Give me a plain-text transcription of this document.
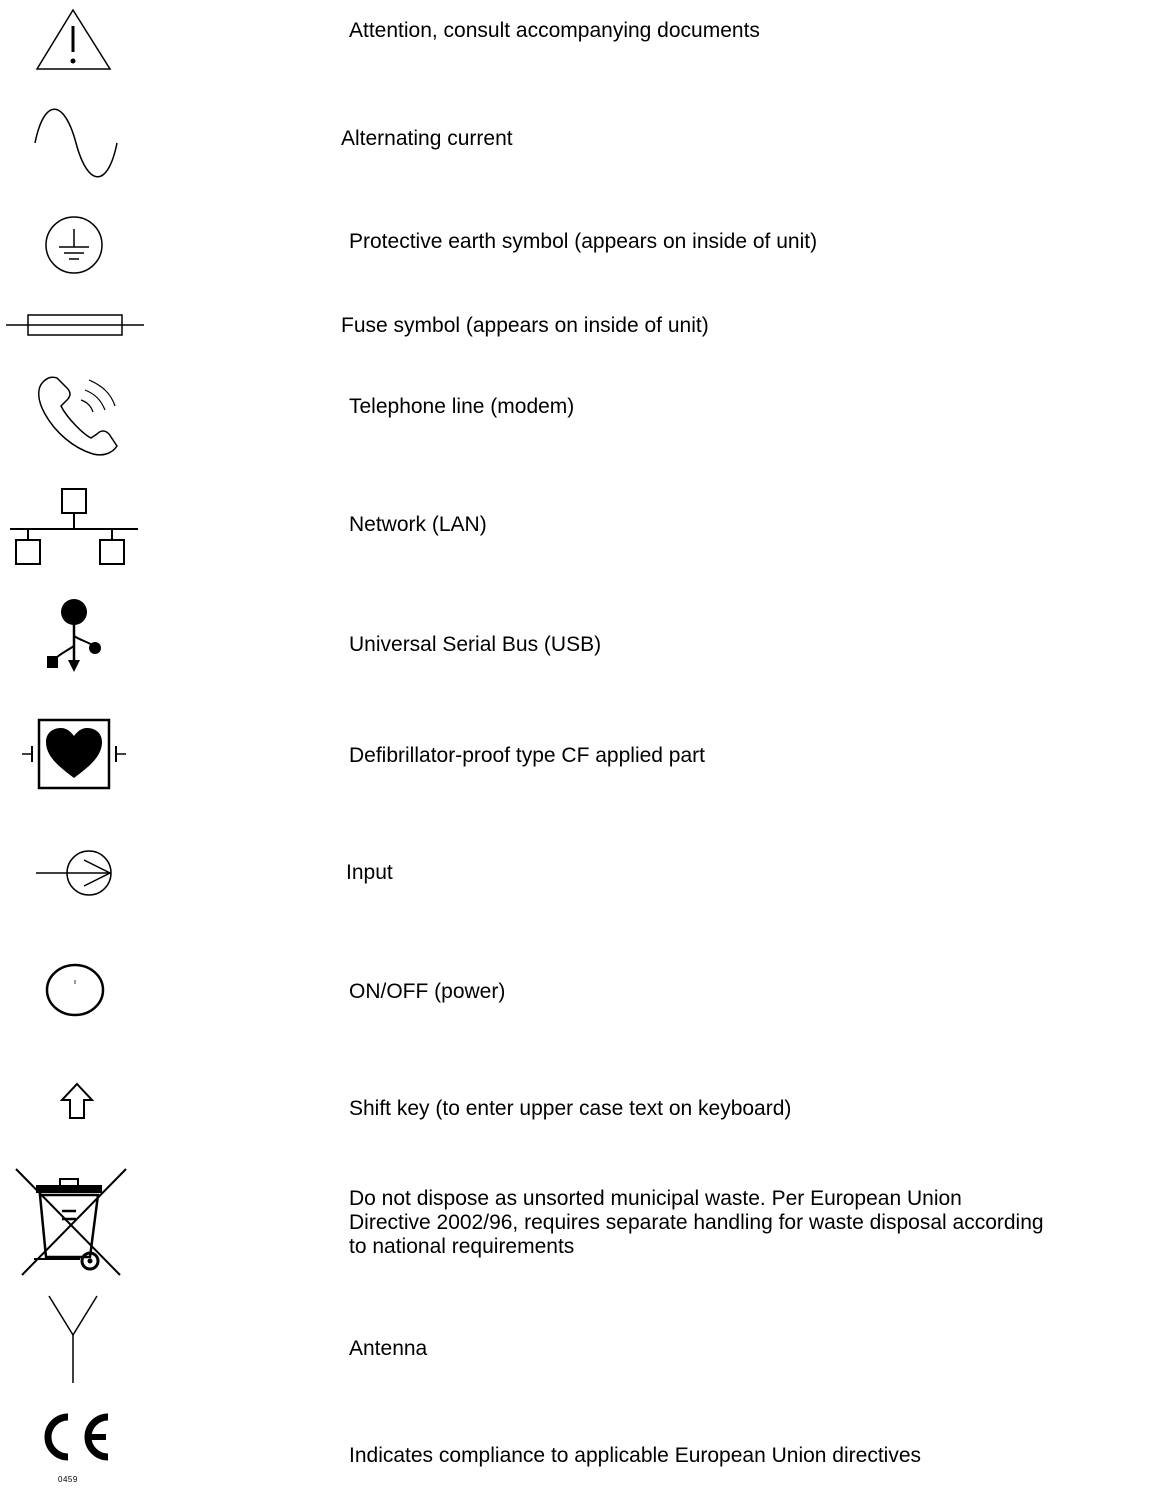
Attention, consult accompanying documents
Alternating current
Protective earth symbol (appears on inside of unit)
Fuse symbol (appears on inside of unit)
Telephone line (modem)
Network (LAN)
Universal Serial Bus (USB)
Defibrillator-proof type CF applied part
Input
ON/OFF (power)
Shift key (to enter upper case text on keyboard)
Do not dispose as unsorted municipal waste. Per European Union
Directive 2002/96, requires separate handling for waste disposal according
to national requirements
Antenna
0459
Indicates compliance to applicable European Union directives
